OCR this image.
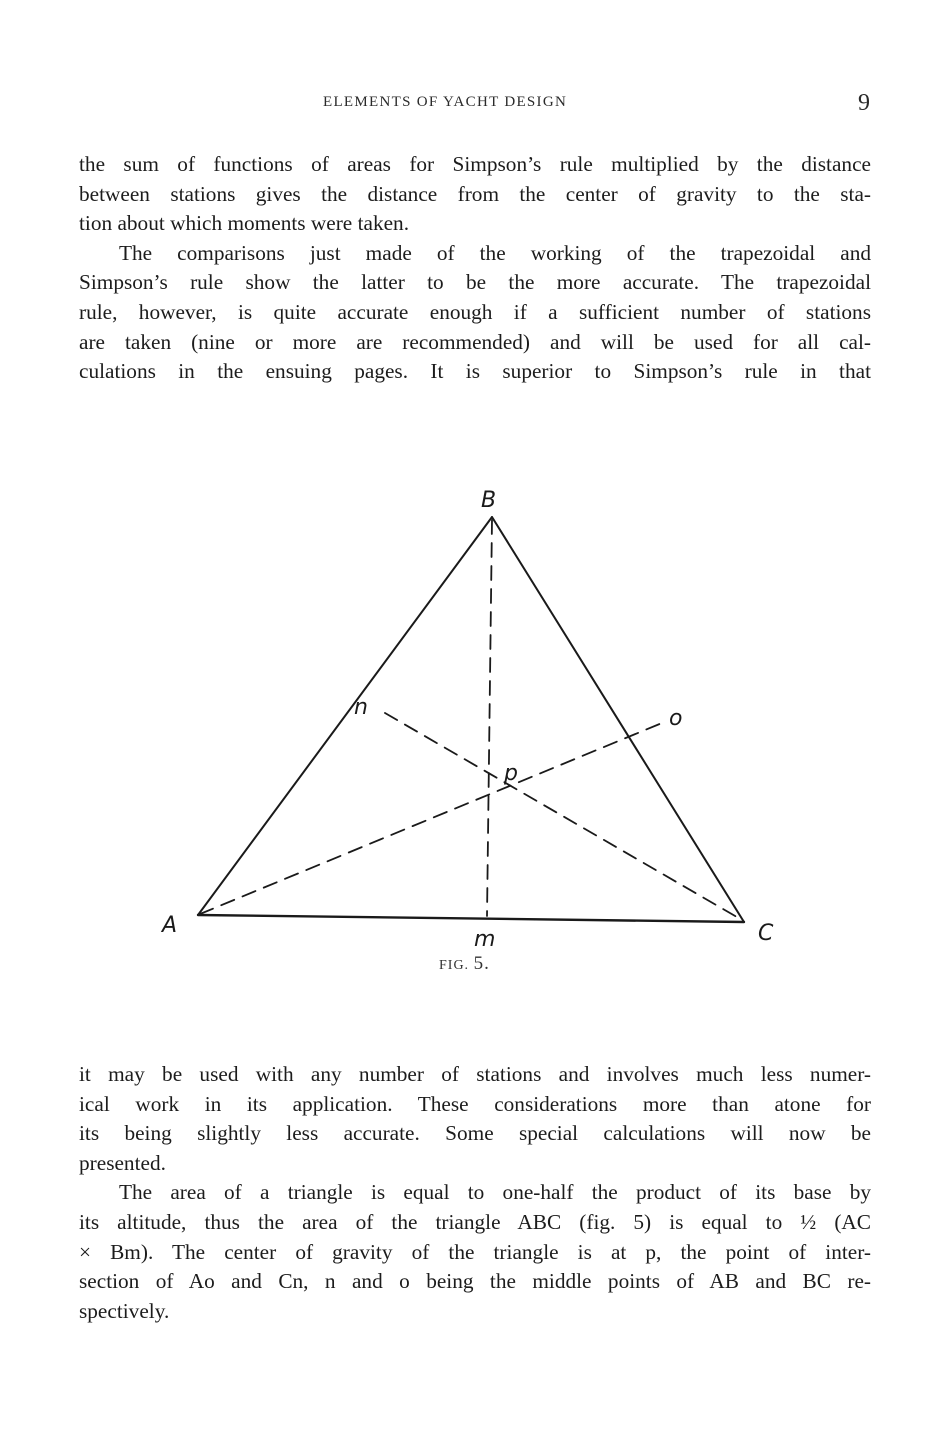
ELEMENTS OF YACHT DESIGN	9

the sum of functions of areas for Simpson’s rule multiplied by the distance
between stations gives the distance from the center of gravity to the sta-
tion about which moments were taken.

The comparisons just made of the working of the trapezoidal and
Simpson’s rule show the latter to be the more accurate. The trapezoidal
rule, however, is quite accurate enough if a sufficient number of stations
are taken (nine or more are recommended) and will be used for all cal-
culations in the ensuing pages. It is superior to Simpson’s rule in that

B
A	C
n	o
p
m
FIG. 5.

it may be used with any number of stations and involves much less numer-
ical work in its application. These considerations more than atone for
its being slightly less accurate. Some special calculations will now be
presented.

The area of a triangle is equal to one-half the product of its base by
its altitude, thus the area of the triangle ABC (fig. 5) is equal to ½ (AC
× Bm). The center of gravity of the triangle is at p, the point of inter-
section of Ao and Cn, n and o being the middle points of AB and BC re-
spectively.
